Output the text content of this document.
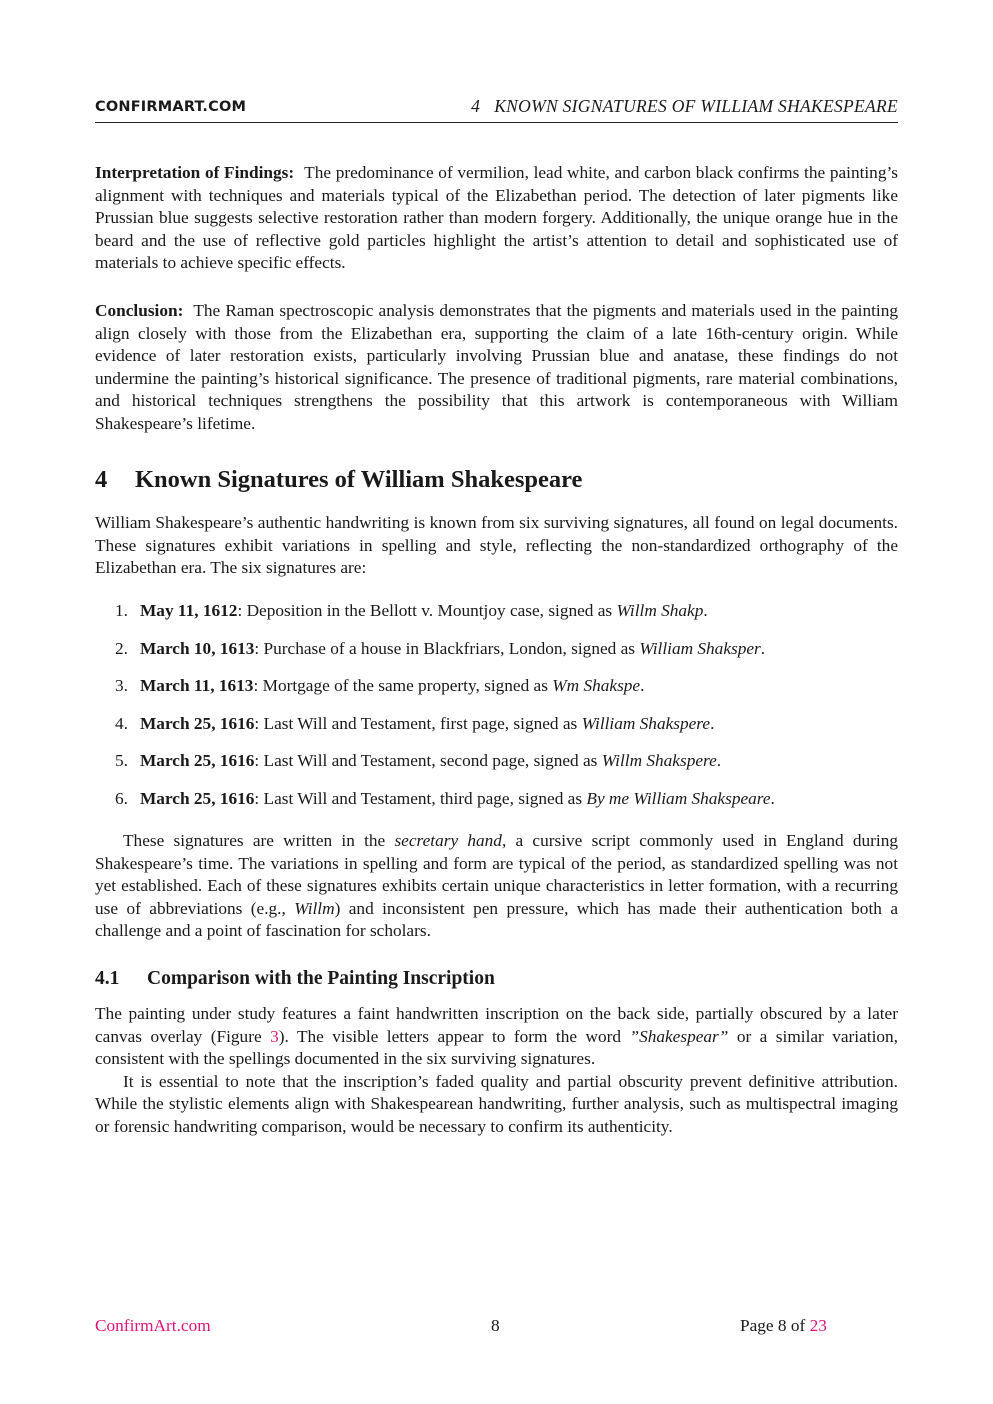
CONFIRMART.COM	4   KNOWN SIGNATURES OF WILLIAM SHAKESPEARE

Interpretation of Findings: The predominance of vermilion, lead white, and carbon black confirms the painting’s alignment with techniques and materials typical of the Elizabethan period. The detection of later pigments like Prussian blue suggests selective restoration rather than modern forgery. Additionally, the unique orange hue in the beard and the use of reflective gold particles highlight the artist’s attention to detail and sophisticated use of materials to achieve specific effects.

Conclusion: The Raman spectroscopic analysis demonstrates that the pigments and materials used in the painting align closely with those from the Elizabethan era, supporting the claim of a late 16th-century origin. While evidence of later restoration exists, particularly involving Prussian blue and anatase, these findings do not undermine the painting’s historical significance. The presence of traditional pigments, rare material combinations, and historical techniques strengthens the possibility that this artwork is contemporaneous with William Shakespeare’s lifetime.

4 Known Signatures of William Shakespeare

William Shakespeare’s authentic handwriting is known from six surviving signatures, all found on legal documents. These signatures exhibit variations in spelling and style, reflecting the non-standardized orthography of the Elizabethan era. The six signatures are:

1. May 11, 1612: Deposition in the Bellott v. Mountjoy case, signed as Willm Shakp.
2. March 10, 1613: Purchase of a house in Blackfriars, London, signed as William Shaksper.
3. March 11, 1613: Mortgage of the same property, signed as Wm Shakspe.
4. March 25, 1616: Last Will and Testament, first page, signed as William Shakspere.
5. March 25, 1616: Last Will and Testament, second page, signed as Willm Shakspere.
6. March 25, 1616: Last Will and Testament, third page, signed as By me William Shakspeare.

These signatures are written in the secretary hand, a cursive script commonly used in England during Shakespeare’s time. The variations in spelling and form are typical of the period, as standardized spelling was not yet established. Each of these signatures exhibits certain unique characteristics in letter formation, with a recurring use of abbreviations (e.g., Willm) and inconsistent pen pressure, which has made their authentication both a challenge and a point of fascination for scholars.

4.1 Comparison with the Painting Inscription

The painting under study features a faint handwritten inscription on the back side, partially obscured by a later canvas overlay (Figure 3). The visible letters appear to form the word ”Shakespear” or a similar variation, consistent with the spellings documented in the six surviving signatures.

It is essential to note that the inscription’s faded quality and partial obscurity prevent definitive attribution. While the stylistic elements align with Shakespearean handwriting, further analysis, such as multispectral imaging or forensic handwriting comparison, would be necessary to confirm its authenticity.

ConfirmArt.com	8	Page 8 of 23
